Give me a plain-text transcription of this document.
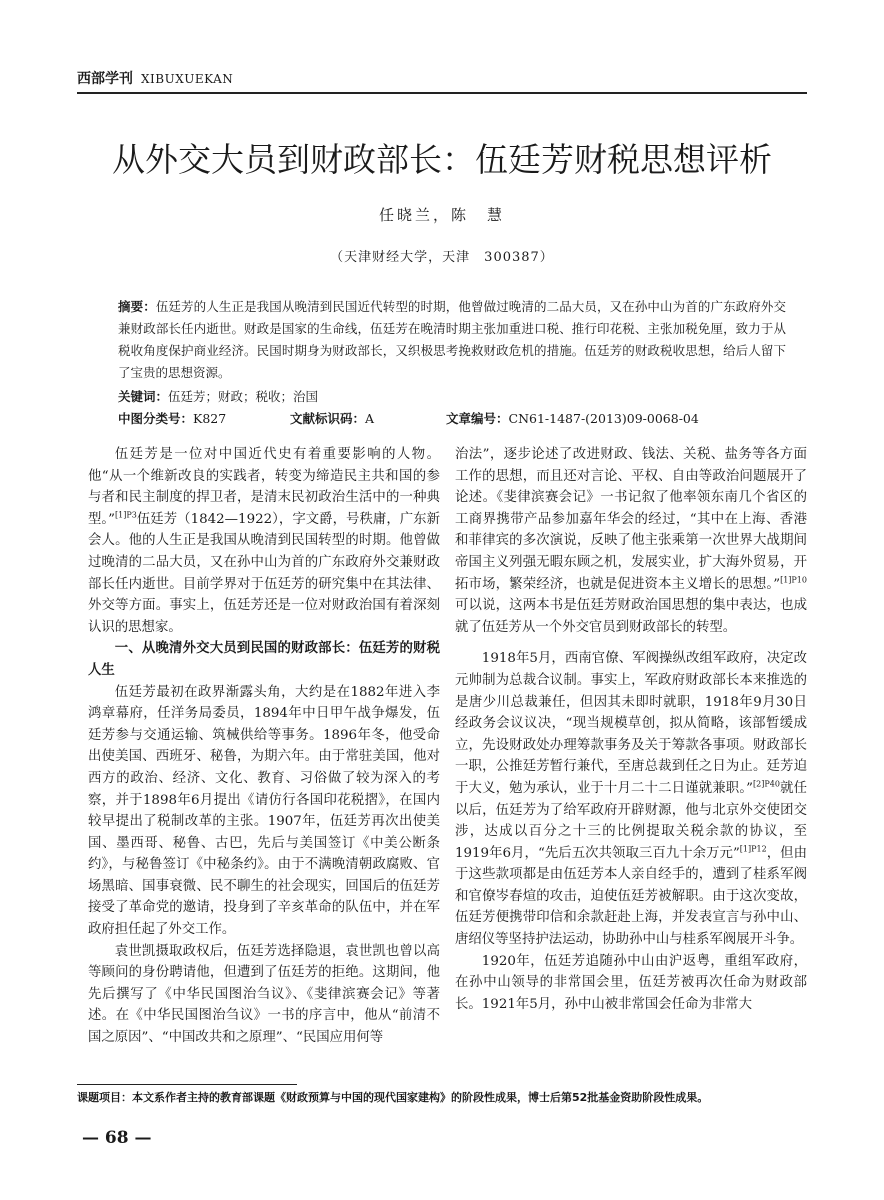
西部学刊 XIBUXUEKAN
从外交大员到财政部长：伍廷芳财税思想评析
任晓兰，陈　慧
（天津财经大学，天津　300387）
摘要：伍廷芳的人生正是我国从晚清到民国近代转型的时期，他曾做过晚清的二品大员，又在孙中山为首的广东政府外交兼财政部长任内逝世。财政是国家的生命线，伍廷芳在晚清时期主张加重进口税、推行印花税、主张加税免厘，致力于从税收角度保护商业经济。民国时期身为财政部长，又织极思考挽救财政危机的措施。伍廷芳的财政税收思想，给后人留下了宝贵的思想资源。
关键词：伍廷芳；财政；税收；治国
中图分类号：K827	文献标识码：A	文章编号：CN61-1487-(2013)09-0068-04

伍廷芳是一位对中国近代史有着重要影响的人物。他“从一个维新改良的实践者，转变为缔造民主共和国的参与者和民主制度的捍卫者，是清末民初政治生活中的一种典型。”$^{[1]P3}$伍廷芳（1842—1922），字文爵，号秩庸，广东新会人。他的人生正是我国从晚清到民国转型的时期。他曾做过晚清的二品大员，又在孙中山为首的广东政府外交兼财政部长任内逝世。目前学界对于伍廷芳的研究集中在其法律、外交等方面。事实上，伍廷芳还是一位对财政治国有着深刻认识的思想家。

一、从晚清外交大员到民国的财政部长：伍廷芳的财税人生

伍廷芳最初在政界渐露头角，大约是在1882年进入李鸿章幕府，任洋务局委员，1894年中日甲午战争爆发，伍廷芳参与交通运输、筑械供给等事务。1896年冬，他受命出使美国、西班牙、秘鲁，为期六年。由于常驻美国，他对西方的政治、经济、文化、教育、习俗做了较为深入的考察，并于1898年6月提出《请仿行各国印花税摺》，在国内较早提出了税制改革的主张。1907年，伍廷芳再次出使美国、墨西哥、秘鲁、古巴，先后与美国签订《中美公断条约》，与秘鲁签订《中秘条约》。由于不满晚清朝政腐败、官场黑暗、国事衰微、民不聊生的社会现实，回国后的伍廷芳接受了革命党的邀请，投身到了辛亥革命的队伍中，并在军政府担任起了外交工作。

袁世凯摄取政权后，伍廷芳选择隐退，袁世凯也曾以高等顾问的身份聘请他，但遭到了伍廷芳的拒绝。这期间，他先后撰写了《中华民国图治刍议》、《斐律滨赛会记》等著述。在《中华民国图治刍议》一书的序言中，他从“前清不国之原因”、“中国改共和之原理”、“民国应用何等

治法”，逐步论述了改进财政、钱法、关税、盐务等各方面工作的思想，而且还对言论、平权、自由等政治问题展开了论述。《斐律滨赛会记》一书记叙了他率领东南几个省区的工商界携带产品参加嘉年华会的经过，“其中在上海、香港和菲律宾的多次演说，反映了他主张乘第一次世界大战期间帝国主义列强无暇东顾之机，发展实业，扩大海外贸易，开拓市场，繁荣经济，也就是促进资本主义增长的思想。”$^{[1]P10}$可以说，这两本书是伍廷芳财政治国思想的集中表达，也成就了伍廷芳从一个外交官员到财政部长的转型。

1918年5月，西南官僚、军阀操纵改组军政府，决定改元帅制为总裁合议制。事实上，军政府财政部长本来推选的是唐少川总裁兼任，但因其未即时就职，1918年9月30日经政务会议议决，“现当规模草创，拟从简略，该部暂缓成立，先设财政处办理筹款事务及关于筹款各事项。财政部长一职，公推廷芳暂行兼代，至唐总裁到任之日为止。廷芳迫于大义，勉为承认，业于十月二十二日谨就兼职。”$^{[2]P40}$就任以后，伍廷芳为了给军政府开辟财源，他与北京外交使团交涉，达成以百分之十三的比例提取关税余款的协议，至1919年6月，“先后五次共领取三百九十余万元”$^{[1]P12}$，但由于这些款项都是由伍廷芳本人亲自经手的，遭到了桂系军阀和官僚岑春煊的攻击，迫使伍廷芳被解职。由于这次变故，伍廷芳便携带印信和余款赶赴上海，并发表宣言与孙中山、唐绍仪等坚持护法运动，协助孙中山与桂系军阀展开斗争。

1920年，伍廷芳追随孙中山由沪返粤，重组军政府，在孙中山领导的非常国会里，伍廷芳被再次任命为财政部长。1921年5月，孙中山被非常国会任命为非常大

课题项目：本文系作者主持的教育部课题《财政预算与中国的现代国家建构》的阶段性成果，博士后第52批基金资助阶段性成果。
— 68 —
